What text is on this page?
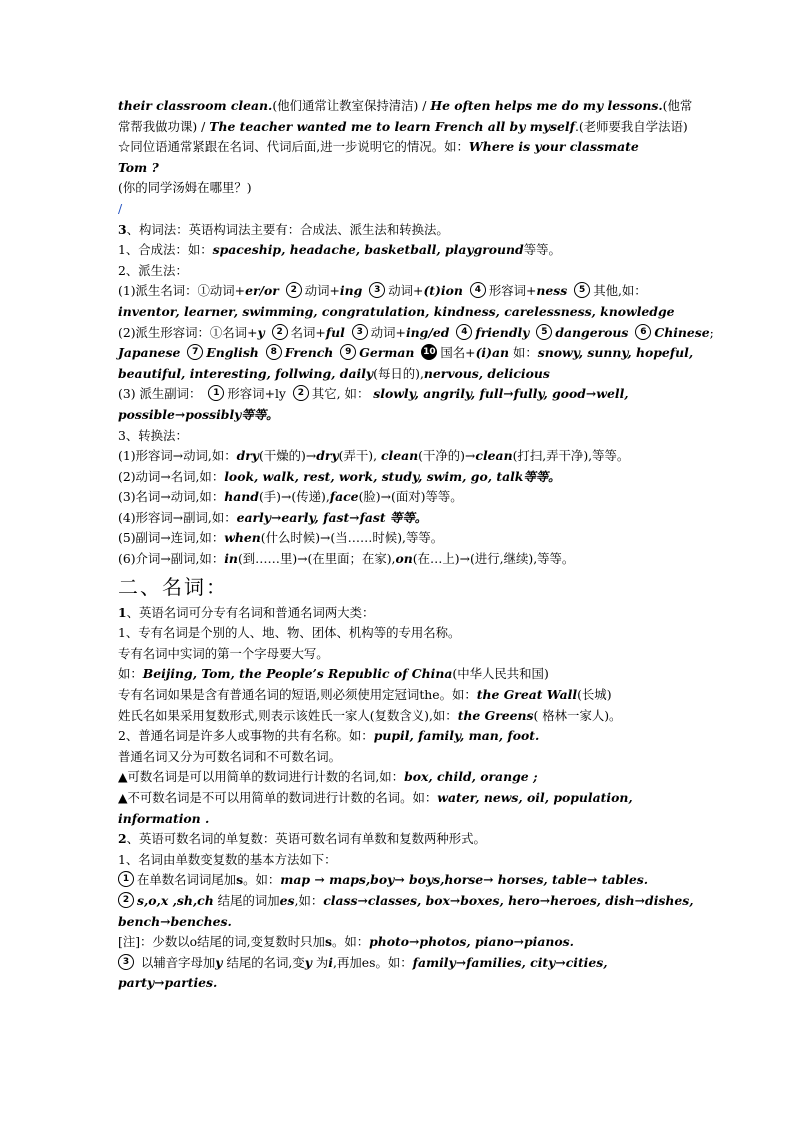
their classroom clean.(他们通常让教室保持清洁) / He often helps me do my lessons.(他常
常帮我做功课) / The teacher wanted me to learn French all by myself.(老师要我自学法语)
☆同位语通常紧跟在名词、代词后面,进一步说明它的情况。如：Where is your classmate
Tom ?
(你的同学汤姆在哪里？)
/
3、构词法：英语构词法主要有：合成法、派生法和转换法。
1、合成法：如：spaceship, headache, basketball, playground等等。
2、派生法：
(1)派生名词：①动词+er/or 2 动词+ing 3 动词+(t)ion 4 形容词+ness 5 其他,如：
inventor, learner, swimming, congratulation, kindness, carelessness, knowledge
(2)派生形容词：①名词+y 2 名词+ful 3 动词+ing/ed 4 friendly 5 dangerous 6 Chinese;
Japanese 7 English 8 French 9 German 10 国名+(i)an 如：snowy, sunny, hopeful,
beautiful, interesting, follwing, daily(每日的),nervous, delicious
(3) 派生副词： 1 形容词+ly 2 其它, 如： slowly, angrily, full→fully, good→well,
possible→possibly等等。
3、转换法：
(1)形容词→动词,如：dry(干燥的)→dry(弄干), clean(干净的)→clean(打扫,弄干净),等等。
(2)动词→名词,如：look, walk, rest, work, study, swim, go, talk等等。
(3)名词→动词,如：hand(手)→(传递),face(脸)→(面对)等等。
(4)形容词→副词,如：early→early, fast→fast 等等。
(5)副词→连词,如：when(什么时候)→(当……时候),等等。
(6)介词→副词,如：in(到……里)→(在里面；在家),on(在…上)→(进行,继续),等等。
二、名词：
1、英语名词可分专有名词和普通名词两大类：
1、专有名词是个别的人、地、物、团体、机构等的专用名称。
专有名词中实词的第一个字母要大写。
如：Beijing, Tom, the People’s Republic of China(中华人民共和国)
专有名词如果是含有普通名词的短语,则必须使用定冠词the。如：the Great Wall(长城)
姓氏名如果采用复数形式,则表示该姓氏一家人(复数含义),如：the Greens( 格林一家人)。
2、普通名词是许多人或事物的共有名称。如：pupil, family, man, foot.
普通名词又分为可数名词和不可数名词。
▲可数名词是可以用简单的数词进行计数的名词,如：box, child, orange ;
▲不可数名词是不可以用简单的数词进行计数的名词。如：water, news, oil, population,
information .
2、英语可数名词的单复数：英语可数名词有单数和复数两种形式。
1、名词由单数变复数的基本方法如下：
1 在单数名词词尾加s。如：map → maps,boy→ boys,horse→ horses, table→ tables.
2 s,o,x ,sh,ch 结尾的词加es,如：class→classes, box→boxes, hero→heroes, dish→dishes,
bench→benches.
[注]：少数以o结尾的词,变复数时只加s。如：photo→photos, piano→pianos.
3 以辅音字母加y 结尾的名词,变y 为i,再加es。如：family→families, city→cities,
party→parties.
